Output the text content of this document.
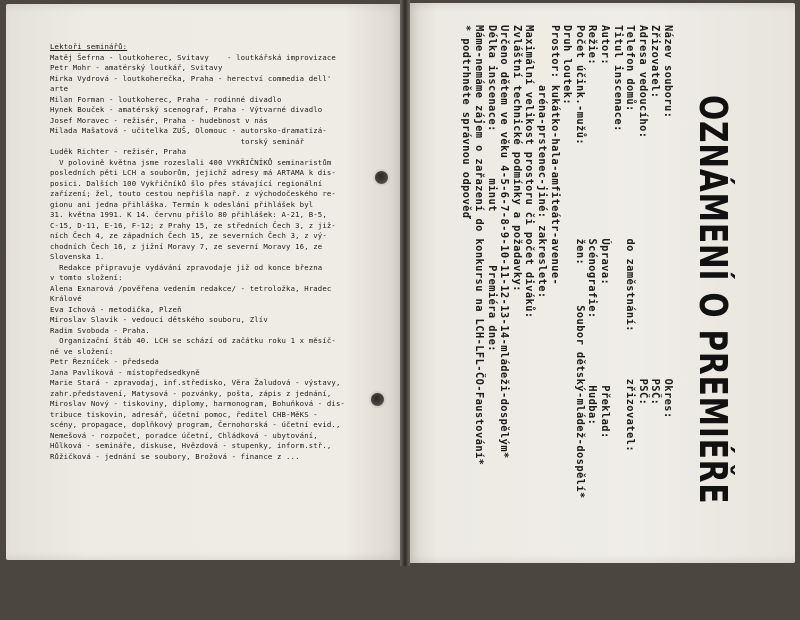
Lektoři seminářů:
Matěj Šefrna - loutkoherec, Svitavy    - loutkářská improvizace
Petr Mohr - amatérský loutkář, Svitavy
Mirka Vydrová - loutkoherečka, Praha - herectví commedia dell'
arte
Milan Forman - loutkoherec, Praha - rodinné divadlo
Hynek Bouček - amatérský scenograf, Praha - Výtvarné divadlo
Josef Moravec - režisér, Praha - hudebnost v nás
Milada Mašatová - učitelka ZUŠ, Olomouc - autorsko-dramatizá-
torský seminář
Luděk Richter - režisér, Praha
V polovině května jsme rozeslali 400 VYKŘIČNÍKŮ seminaristům
posledních pěti LCH a souborům, jejichž adresy má ARTAMA k dis-
posici. Dalších 100 Vykřičníků šlo přes stávající regionální
zařízení; žel, touto cestou nepřišla např. z východočeského re-
gionu ani jedna přihláška. Termín k odeslání přihlášek byl
31. května 1991. K 14. červnu přišlo 80 přihlášek: A-21, B-5,
C-15, D-11, E-16, F-12; z Prahy 15, ze středních Čech 3, z již-
ních Čech 4, ze západních Čech 15, ze severních Čech 3, z vý-
chodních Čech 16, z jižní Moravy 7, ze severní Moravy 16, ze
Slovenska 1.
Redakce připravuje vydávání zpravodaje již od konce března
v tomto složení:
Alena Exnarová /pověřena vedením redakce/ - tetroložka, Hradec
Králové
Eva Ichová - metodička, Plzeň
Miroslav Slavík - vedoucí dětského souboru, Zlív
Radim Svoboda - Praha.
Organizační štáb 40. LCH se schází od začátku roku 1 x měsíč-
ně ve složení:
Petr Řezníček - předseda
Jana Pavlíková - místopředsedkyně
Marie Stará - zpravodaj, inf.středisko, Věra Žaludová - výstavy,
zahr.představení, Matysová - pozvánky, pošta, zápis z jednání,
Miroslav Nový - tiskoviny, diplomy, harmonogram, Bohuňková - dis-
tribuce tiskovin, adresář, účetní pomoc, ředitel CHB-MěKS -
scény, propagace, doplňkový program, Černohorská - účetní evid.,
Nemešová - rozpočet, poradce účetní, Chládková - ubytování,
Hůlková - semináře, diskuse, Hvězdová - stupenky, inform.stř.,
Růžičková - jednání se soubory, Brožová - finance z ...

Název souboru:                                       Okres:
Zřizovatel:                                          PSČ:
Adresa vedoucího:                                    PSČ:
Telefon domů:                   do zaměstnání:       zřizovatel:
Titul inscenace:
Autor:                          Úprava:               Překlad:
Režie:                          Scénografie:          Hudba:
Počet účink.-mužů:              žen:      Soubor dětský-mládež-dospělí*
Druh loutek:
Prostor: kukátko-hala-amfiteátr-avenue-
aréna-prstenec-jiné: zakreslete:
Maximální velikost prostoru či počet diváků:
Zvláštní technické podmínky a požadavky:
Určeno dětem ve věku 4-5-6-7-8-9-10-11-12-13-14-mládeži-dospělým*
Délka inscenace:       minut        Premiéra dne:
Máme-nemáme zájem o zařazení do konkursu na LCH-LFL-ČO-Faustování*
* podtrhněte správnou odpověď

	OZNÁMENÍ O PREMIÉŘE
